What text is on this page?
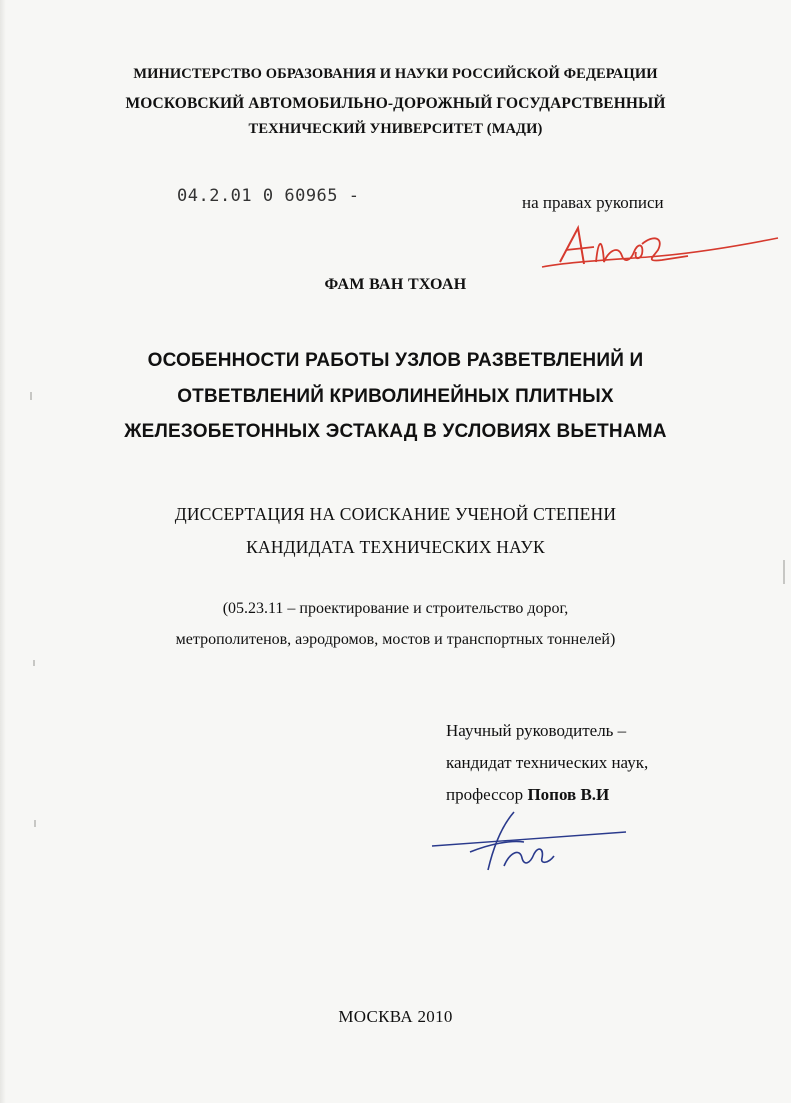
МИНИСТЕРСТВО ОБРАЗОВАНИЯ И НАУКИ РОССИЙСКОЙ ФЕДЕРАЦИИ
МОСКОВСКИЙ АВТОМОБИЛЬНО-ДОРОЖНЫЙ ГОСУДАРСТВЕННЫЙ
ТЕХНИЧЕСКИЙ УНИВЕРСИТЕТ (МАДИ)
04.2.01 0 60965 -	на правах рукописи
ФАМ ВАН ТХОАН
ОСОБЕННОСТИ РАБОТЫ УЗЛОВ РАЗВЕТВЛЕНИЙ И
ОТВЕТВЛЕНИЙ КРИВОЛИНЕЙНЫХ ПЛИТНЫХ
ЖЕЛЕЗОБЕТОННЫХ ЭСТАКАД В УСЛОВИЯХ ВЬЕТНАМА
ДИССЕРТАЦИЯ НА СОИСКАНИЕ УЧЕНОЙ СТЕПЕНИ
КАНДИДАТА ТЕХНИЧЕСКИХ НАУК
(05.23.11 – проектирование и строительство дорог,
метрополитенов, аэродромов, мостов и транспортных тоннелей)
Научный руководитель –
кандидат технических наук,
профессор Попов В.И
МОСКВА 2010
